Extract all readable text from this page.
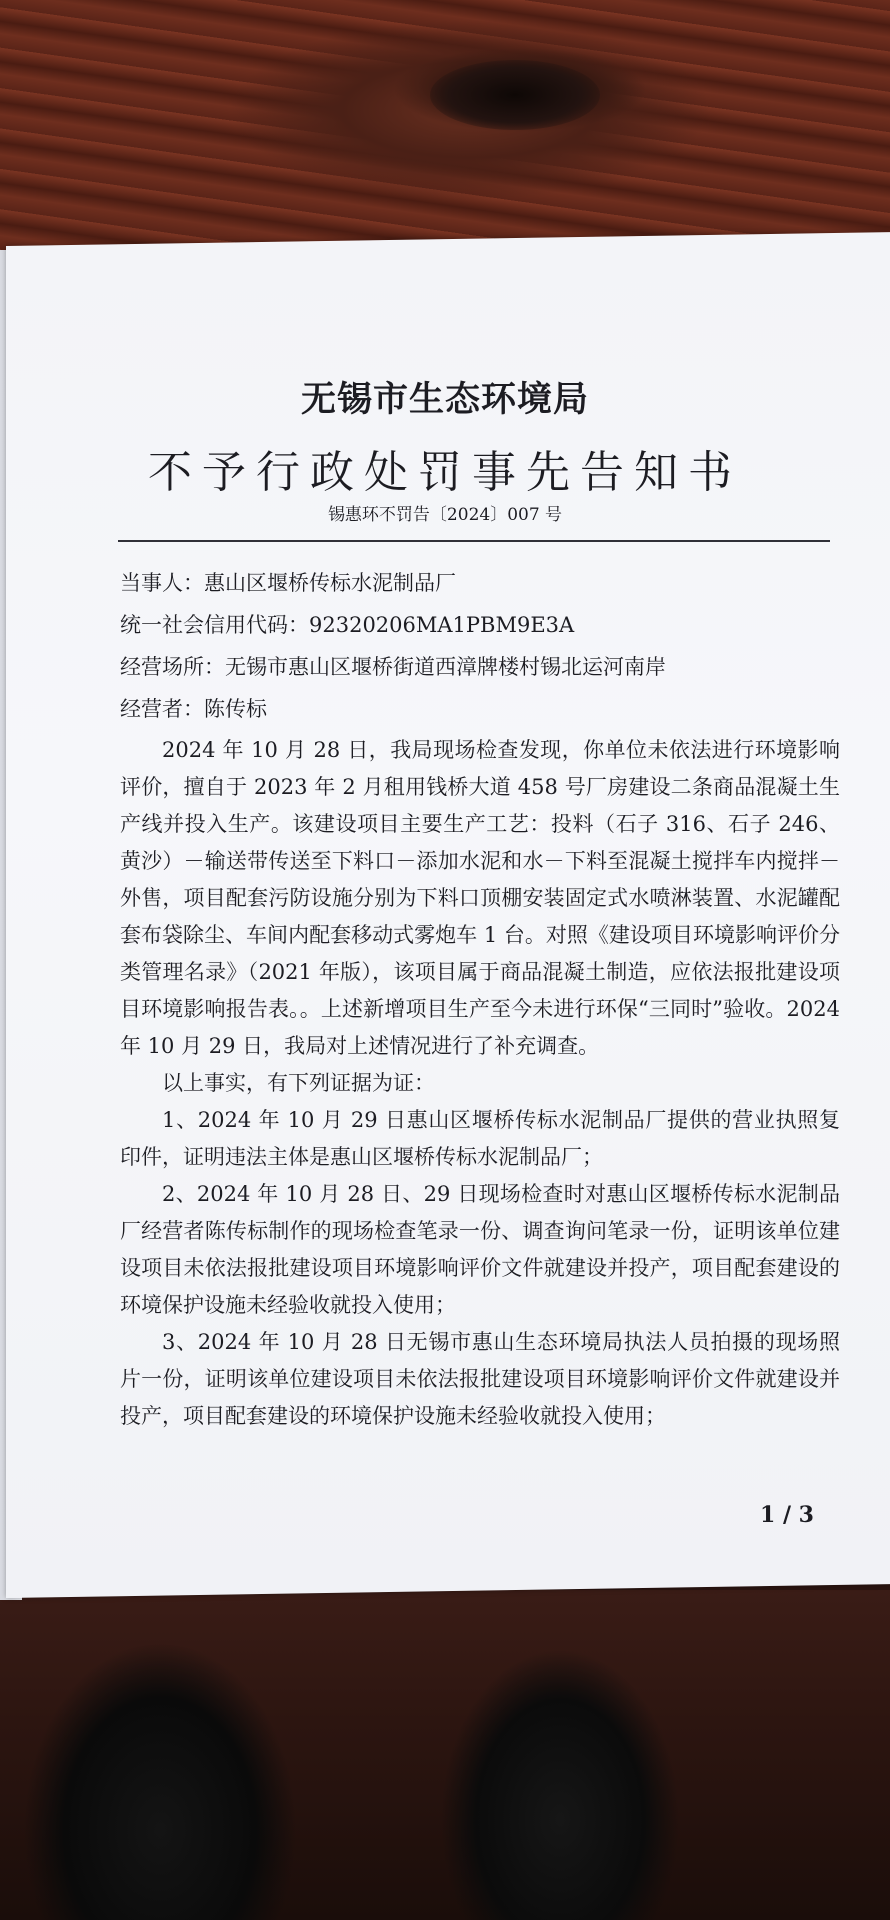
无锡市生态环境局
不予行政处罚事先告知书
锡惠环不罚告〔2024〕007 号
当事人：惠山区堰桥传标水泥制品厂
统一社会信用代码：92320206MA1PBM9E3A
经营场所：无锡市惠山区堰桥街道西漳牌楼村锡北运河南岸
经营者：陈传标

2024 年 10 月 28 日，我局现场检查发现，你单位未依法进行环境影响评价，擅自于 2023 年 2 月租用钱桥大道 458 号厂房建设二条商品混凝土生产线并投入生产。该建设项目主要生产工艺：投料（石子 316、石子 246、黄沙）－输送带传送至下料口－添加水泥和水－下料至混凝土搅拌车内搅拌－外售，项目配套污防设施分别为下料口顶棚安装固定式水喷淋装置、水泥罐配套布袋除尘、车间内配套移动式雾炮车 1 台。对照《建设项目环境影响评价分类管理名录》（2021 年版），该项目属于商品混凝土制造，应依法报批建设项目环境影响报告表。。上述新增项目生产至今未进行环保“三同时”验收。2024 年 10 月 29 日，我局对上述情况进行了补充调查。

以上事实，有下列证据为证：

1、2024 年 10 月 29 日惠山区堰桥传标水泥制品厂提供的营业执照复印件，证明违法主体是惠山区堰桥传标水泥制品厂；

2、2024 年 10 月 28 日、29 日现场检查时对惠山区堰桥传标水泥制品厂经营者陈传标制作的现场检查笔录一份、调查询问笔录一份，证明该单位建设项目未依法报批建设项目环境影响评价文件就建设并投产，项目配套建设的环境保护设施未经验收就投入使用；

3、2024 年 10 月 28 日无锡市惠山生态环境局执法人员拍摄的现场照片一份，证明该单位建设项目未依法报批建设项目环境影响评价文件就建设并投产，项目配套建设的环境保护设施未经验收就投入使用；

1 / 3
